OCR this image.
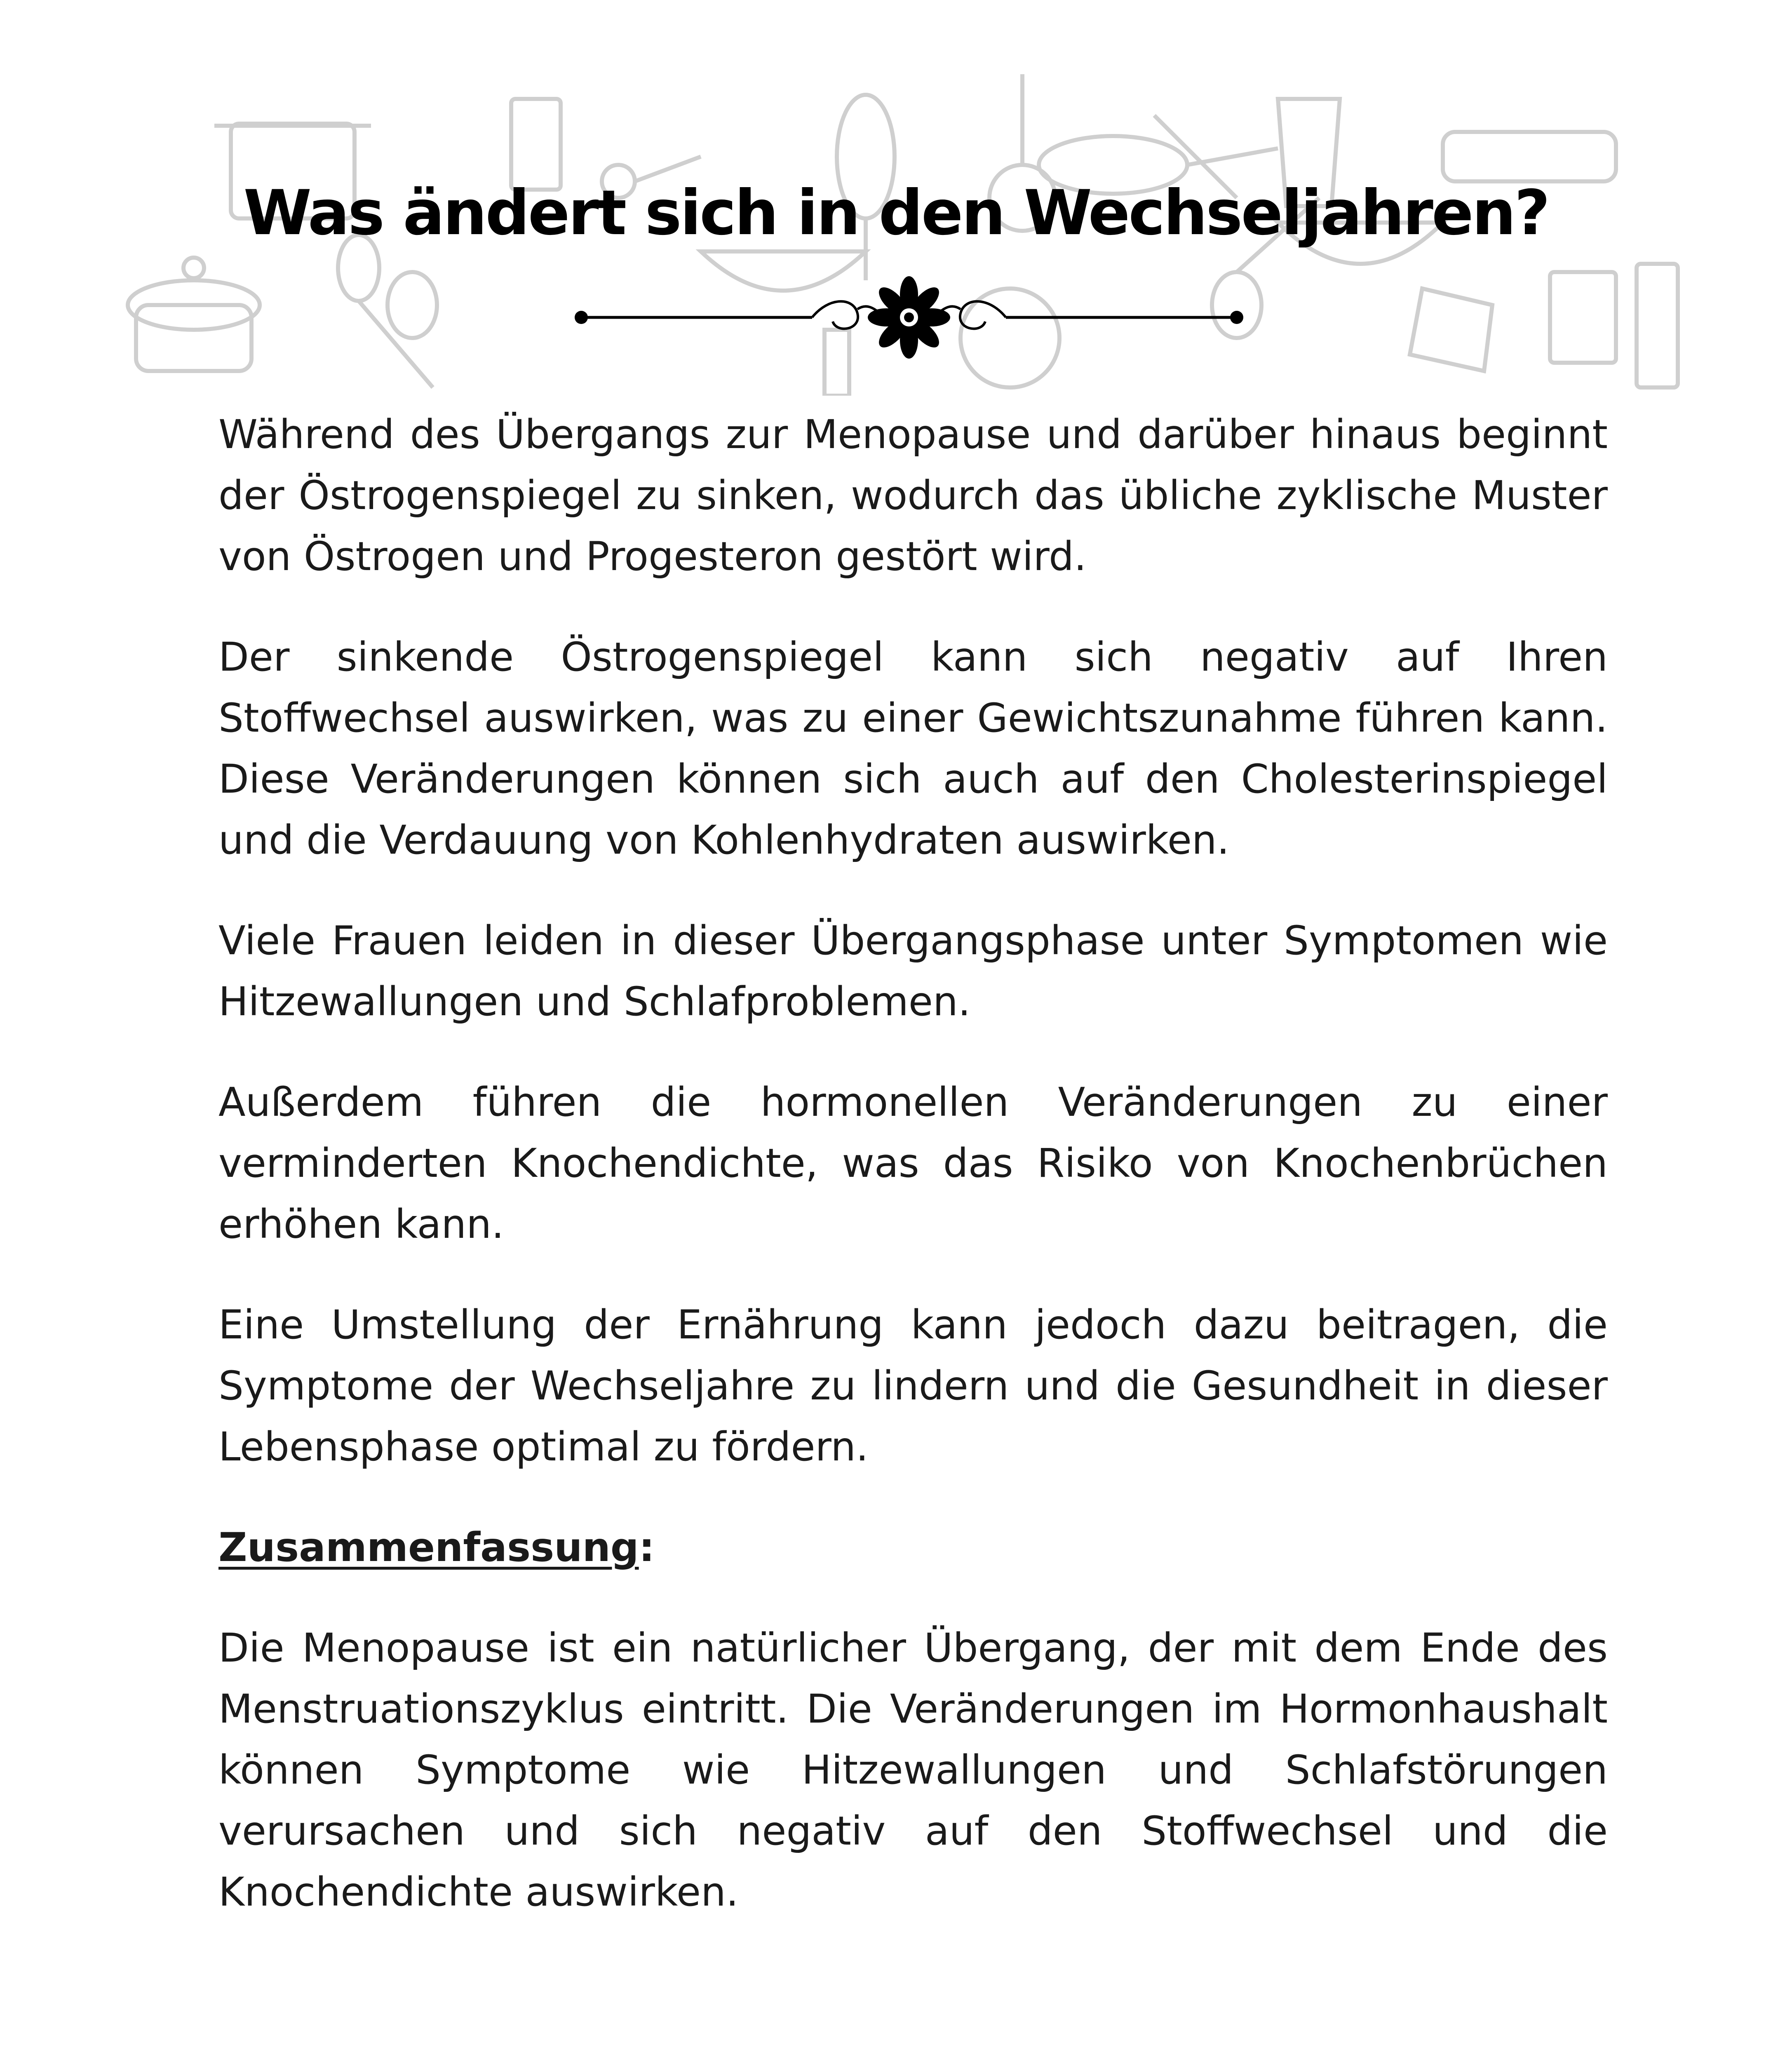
Was ändert sich in den Wechseljahren?

Während des Übergangs zur Menopause und darüber hinaus beginnt der Östrogenspiegel zu sinken, wodurch das übliche zyklische Muster von Östrogen und Progesteron gestört wird.

Der sinkende Östrogenspiegel kann sich negativ auf Ihren Stoffwechsel auswirken, was zu einer Gewichtszunahme führen kann. Diese Veränderungen können sich auch auf den Cholesterinspiegel und die Verdauung von Kohlenhydraten auswirken.

Viele Frauen leiden in dieser Übergangsphase unter Symptomen wie Hitzewallungen und Schlafproblemen.

Außerdem führen die hormonellen Veränderungen zu einer verminderten Knochendichte, was das Risiko von Knochenbrüchen erhöhen kann.

Eine Umstellung der Ernährung kann jedoch dazu beitragen, die Symptome der Wechseljahre zu lindern und die Gesundheit in dieser Lebensphase optimal zu fördern.

Zusammenfassung:

Die Menopause ist ein natürlicher Übergang, der mit dem Ende des Menstruationszyklus eintritt. Die Veränderungen im Hormonhaushalt können Symptome wie Hitzewallungen und Schlafstörungen verursachen und sich negativ auf den Stoffwechsel und die Knochendichte auswirken.
